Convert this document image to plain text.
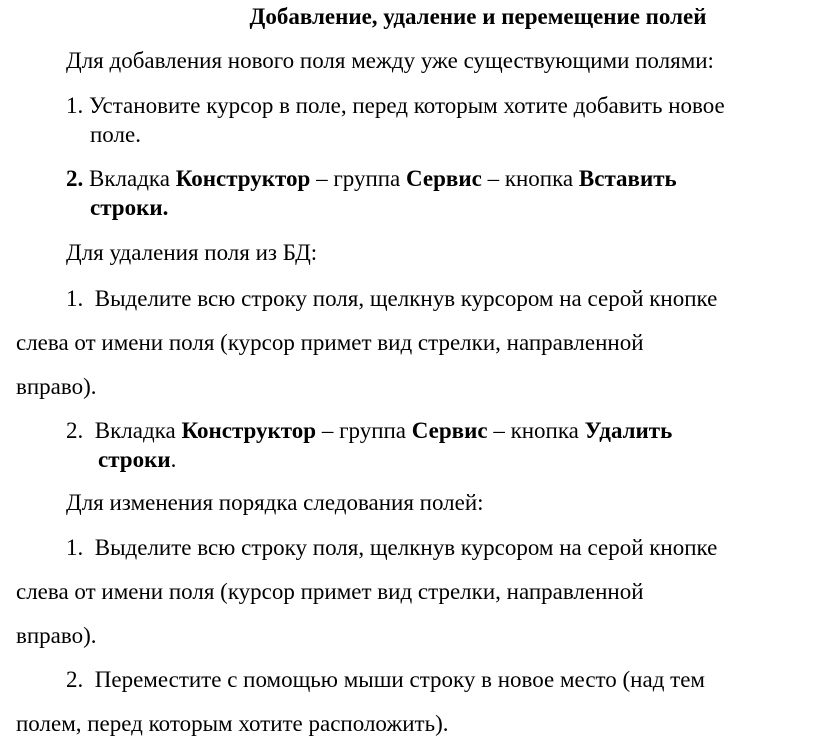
Добавление, удаление и перемещение полей
Для добавления нового поля между уже существующими полями:
1. Установите курсор в поле, перед которым хотите добавить новое
поле.
2. Вкладка Конструктор – группа Сервис – кнопка Вставить
строки.
Для удаления поля из БД:
1. Выделите всю строку поля, щелкнув курсором на серой кнопке
слева от имени поля (курсор примет вид стрелки, направленной
вправо).
2. Вкладка Конструктор – группа Сервис – кнопка Удалить
строки.
Для изменения порядка следования полей:
1. Выделите всю строку поля, щелкнув курсором на серой кнопке
слева от имени поля (курсор примет вид стрелки, направленной
вправо).
2. Переместите с помощью мыши строку в новое место (над тем
полем, перед которым хотите расположить).
